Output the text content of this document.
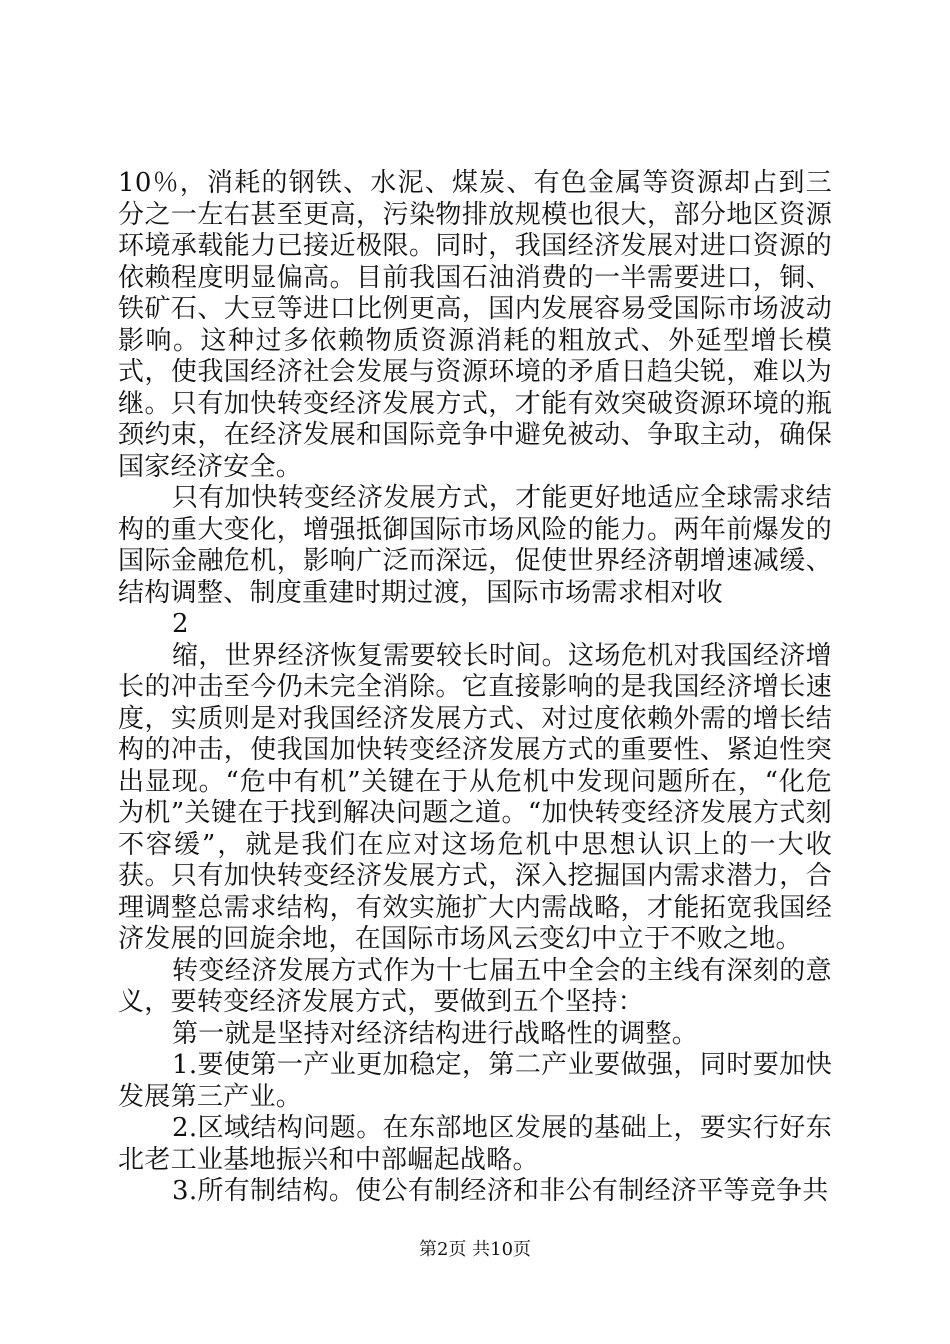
10％，消耗的钢铁、水泥、煤炭、有色金属等资源却占到三分之一左右甚至更高，污染物排放规模也很大，部分地区资源环境承载能力已接近极限。同时，我国经济发展对进口资源的依赖程度明显偏高。目前我国石油消费的一半需要进口，铜、铁矿石、大豆等进口比例更高，国内发展容易受国际市场波动影响。这种过多依赖物质资源消耗的粗放式、外延型增长模式，使我国经济社会发展与资源环境的矛盾日趋尖锐，难以为继。只有加快转变经济发展方式，才能有效突破资源环境的瓶颈约束，在经济发展和国际竞争中避免被动、争取主动，确保国家经济安全。

只有加快转变经济发展方式，才能更好地适应全球需求结构的重大变化，增强抵御国际市场风险的能力。两年前爆发的国际金融危机，影响广泛而深远，促使世界经济朝增速减缓、结构调整、制度重建时期过渡，国际市场需求相对收

2

缩，世界经济恢复需要较长时间。这场危机对我国经济增长的冲击至今仍未完全消除。它直接影响的是我国经济增长速度，实质则是对我国经济发展方式、对过度依赖外需的增长结构的冲击，使我国加快转变经济发展方式的重要性、紧迫性突出显现。“危中有机”关键在于从危机中发现问题所在，“化危为机”关键在于找到解决问题之道。“加快转变经济发展方式刻不容缓”，就是我们在应对这场危机中思想认识上的一大收获。只有加快转变经济发展方式，深入挖掘国内需求潜力，合理调整总需求结构，有效实施扩大内需战略，才能拓宽我国经济发展的回旋余地，在国际市场风云变幻中立于不败之地。

转变经济发展方式作为十七届五中全会的主线有深刻的意义，要转变经济发展方式，要做到五个坚持：

第一就是坚持对经济结构进行战略性的调整。

1.要使第一产业更加稳定，第二产业要做强，同时要加快发展第三产业。

2.区域结构问题。在东部地区发展的基础上，要实行好东北老工业基地振兴和中部崛起战略。

3.所有制结构。使公有制经济和非公有制经济平等竞争共

第2页 共10页
